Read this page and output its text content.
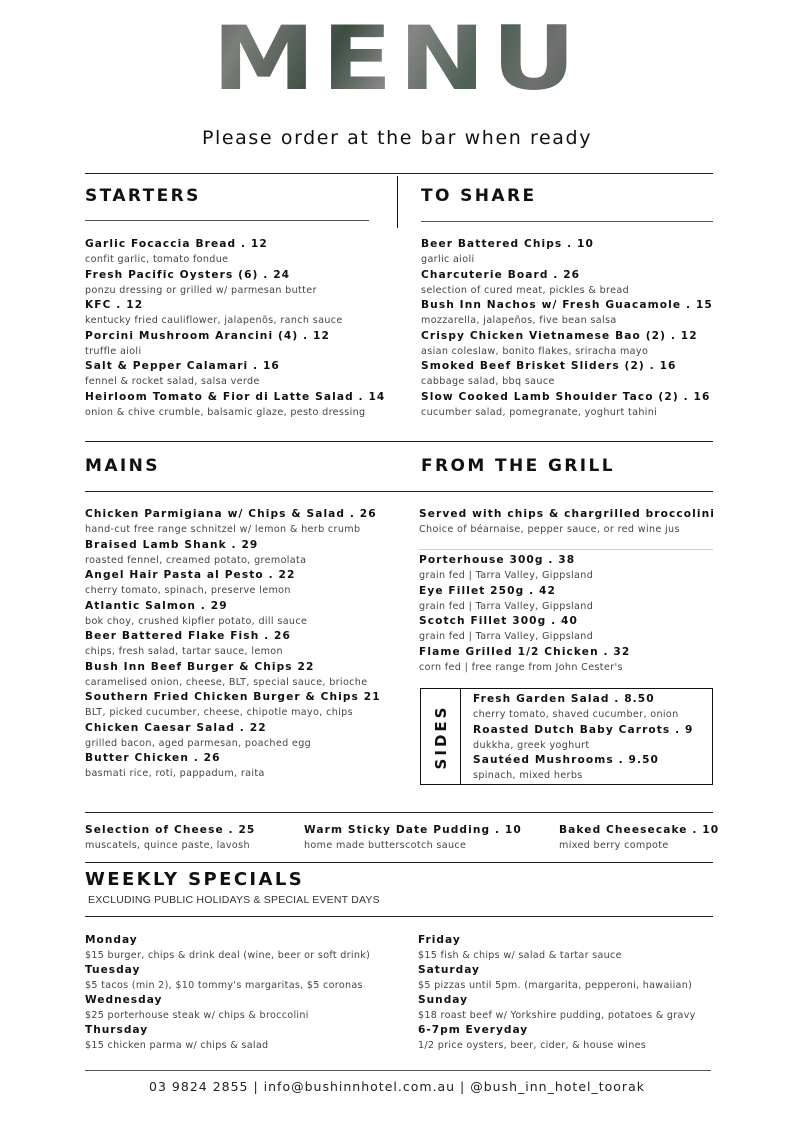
MENU
Please order at the bar when ready
STARTERS
Garlic Focaccia Bread . 12
confit garlic, tomato fondue
Fresh Pacific Oysters (6) . 24
ponzu dressing or grilled w/ parmesan butter
KFC . 12
kentucky fried cauliflower, jalapenõs, ranch sauce
Porcini Mushroom Arancini (4) . 12
truffle aioli
Salt & Pepper Calamari . 16
fennel & rocket salad, salsa verde
Heirloom Tomato & Fior di Latte Salad . 14
onion & chive crumble, balsamic glaze, pesto dressing
TO SHARE
Beer Battered Chips . 10
garlic aioli
Charcuterie Board . 26
selection of cured meat, pickles & bread
Bush Inn Nachos w/ Fresh Guacamole . 15
mozzarella, jalapeños, five bean salsa
Crispy Chicken Vietnamese Bao (2) . 12
asian coleslaw, bonito flakes, sriracha mayo
Smoked Beef Brisket Sliders (2) . 16
cabbage salad, bbq sauce
Slow Cooked Lamb Shoulder Taco (2) . 16
cucumber salad, pomegranate, yoghurt tahini
MAINS	FROM THE GRILL
Chicken Parmigiana w/ Chips & Salad . 26
hand-cut free range schnitzel w/ lemon & herb crumb
Braised Lamb Shank . 29
roasted fennel, creamed potato, gremolata
Angel Hair Pasta al Pesto . 22
cherry tomato, spinach, preserve lemon
Atlantic Salmon . 29
bok choy, crushed kipfler potato, dill sauce
Beer Battered Flake Fish . 26
chips, fresh salad, tartar sauce, lemon
Bush Inn Beef Burger & Chips 22
caramelised onion, cheese, BLT, special sauce, brioche
Southern Fried Chicken Burger & Chips 21
BLT, picked cucumber, cheese, chipotle mayo, chips
Chicken Caesar Salad . 22
grilled bacon, aged parmesan, poached egg
Butter Chicken . 26
basmati rice, roti, pappadum, raita
Served with chips & chargrilled broccolini
Choice of béarnaise, pepper sauce, or red wine jus
Porterhouse 300g . 38
grain fed | Tarra Valley, Gippsland
Eye Fillet 250g . 42
grain fed | Tarra Valley, Gippsland
Scotch Fillet 300g . 40
grain fed | Tarra Valley, Gippsland
Flame Grilled 1/2 Chicken . 32
corn fed | free range from John Cester's
SIDES
Fresh Garden Salad . 8.50
cherry tomato, shaved cucumber, onion
Roasted Dutch Baby Carrots . 9
dukkha, greek yoghurt
Sautéed Mushrooms . 9.50
spinach, mixed herbs
Selection of Cheese . 25
muscatels, quince paste, lavosh
Warm Sticky Date Pudding . 10
home made butterscotch sauce
Baked Cheesecake . 10
mixed berry compote
WEEKLY SPECIALS
EXCLUDING PUBLIC HOLIDAYS & SPECIAL EVENT DAYS
Monday
$15 burger, chips & drink deal (wine, beer or soft drink)
Tuesday
$5 tacos (min 2), $10 tommy's margaritas, $5 coronas
Wednesday
$25 porterhouse steak w/ chips & broccolini
Thursday
$15 chicken parma w/ chips & salad
Friday
$15 fish & chips w/ salad & tartar sauce
Saturday
$5 pizzas until 5pm. (margarita, pepperoni, hawaiian)
Sunday
$18 roast beef w/ Yorkshire pudding, potatoes & gravy
6-7pm Everyday
1/2 price oysters, beer, cider, & house wines
03 9824 2855 | info@bushinnhotel.com.au | @bush_inn_hotel_toorak
